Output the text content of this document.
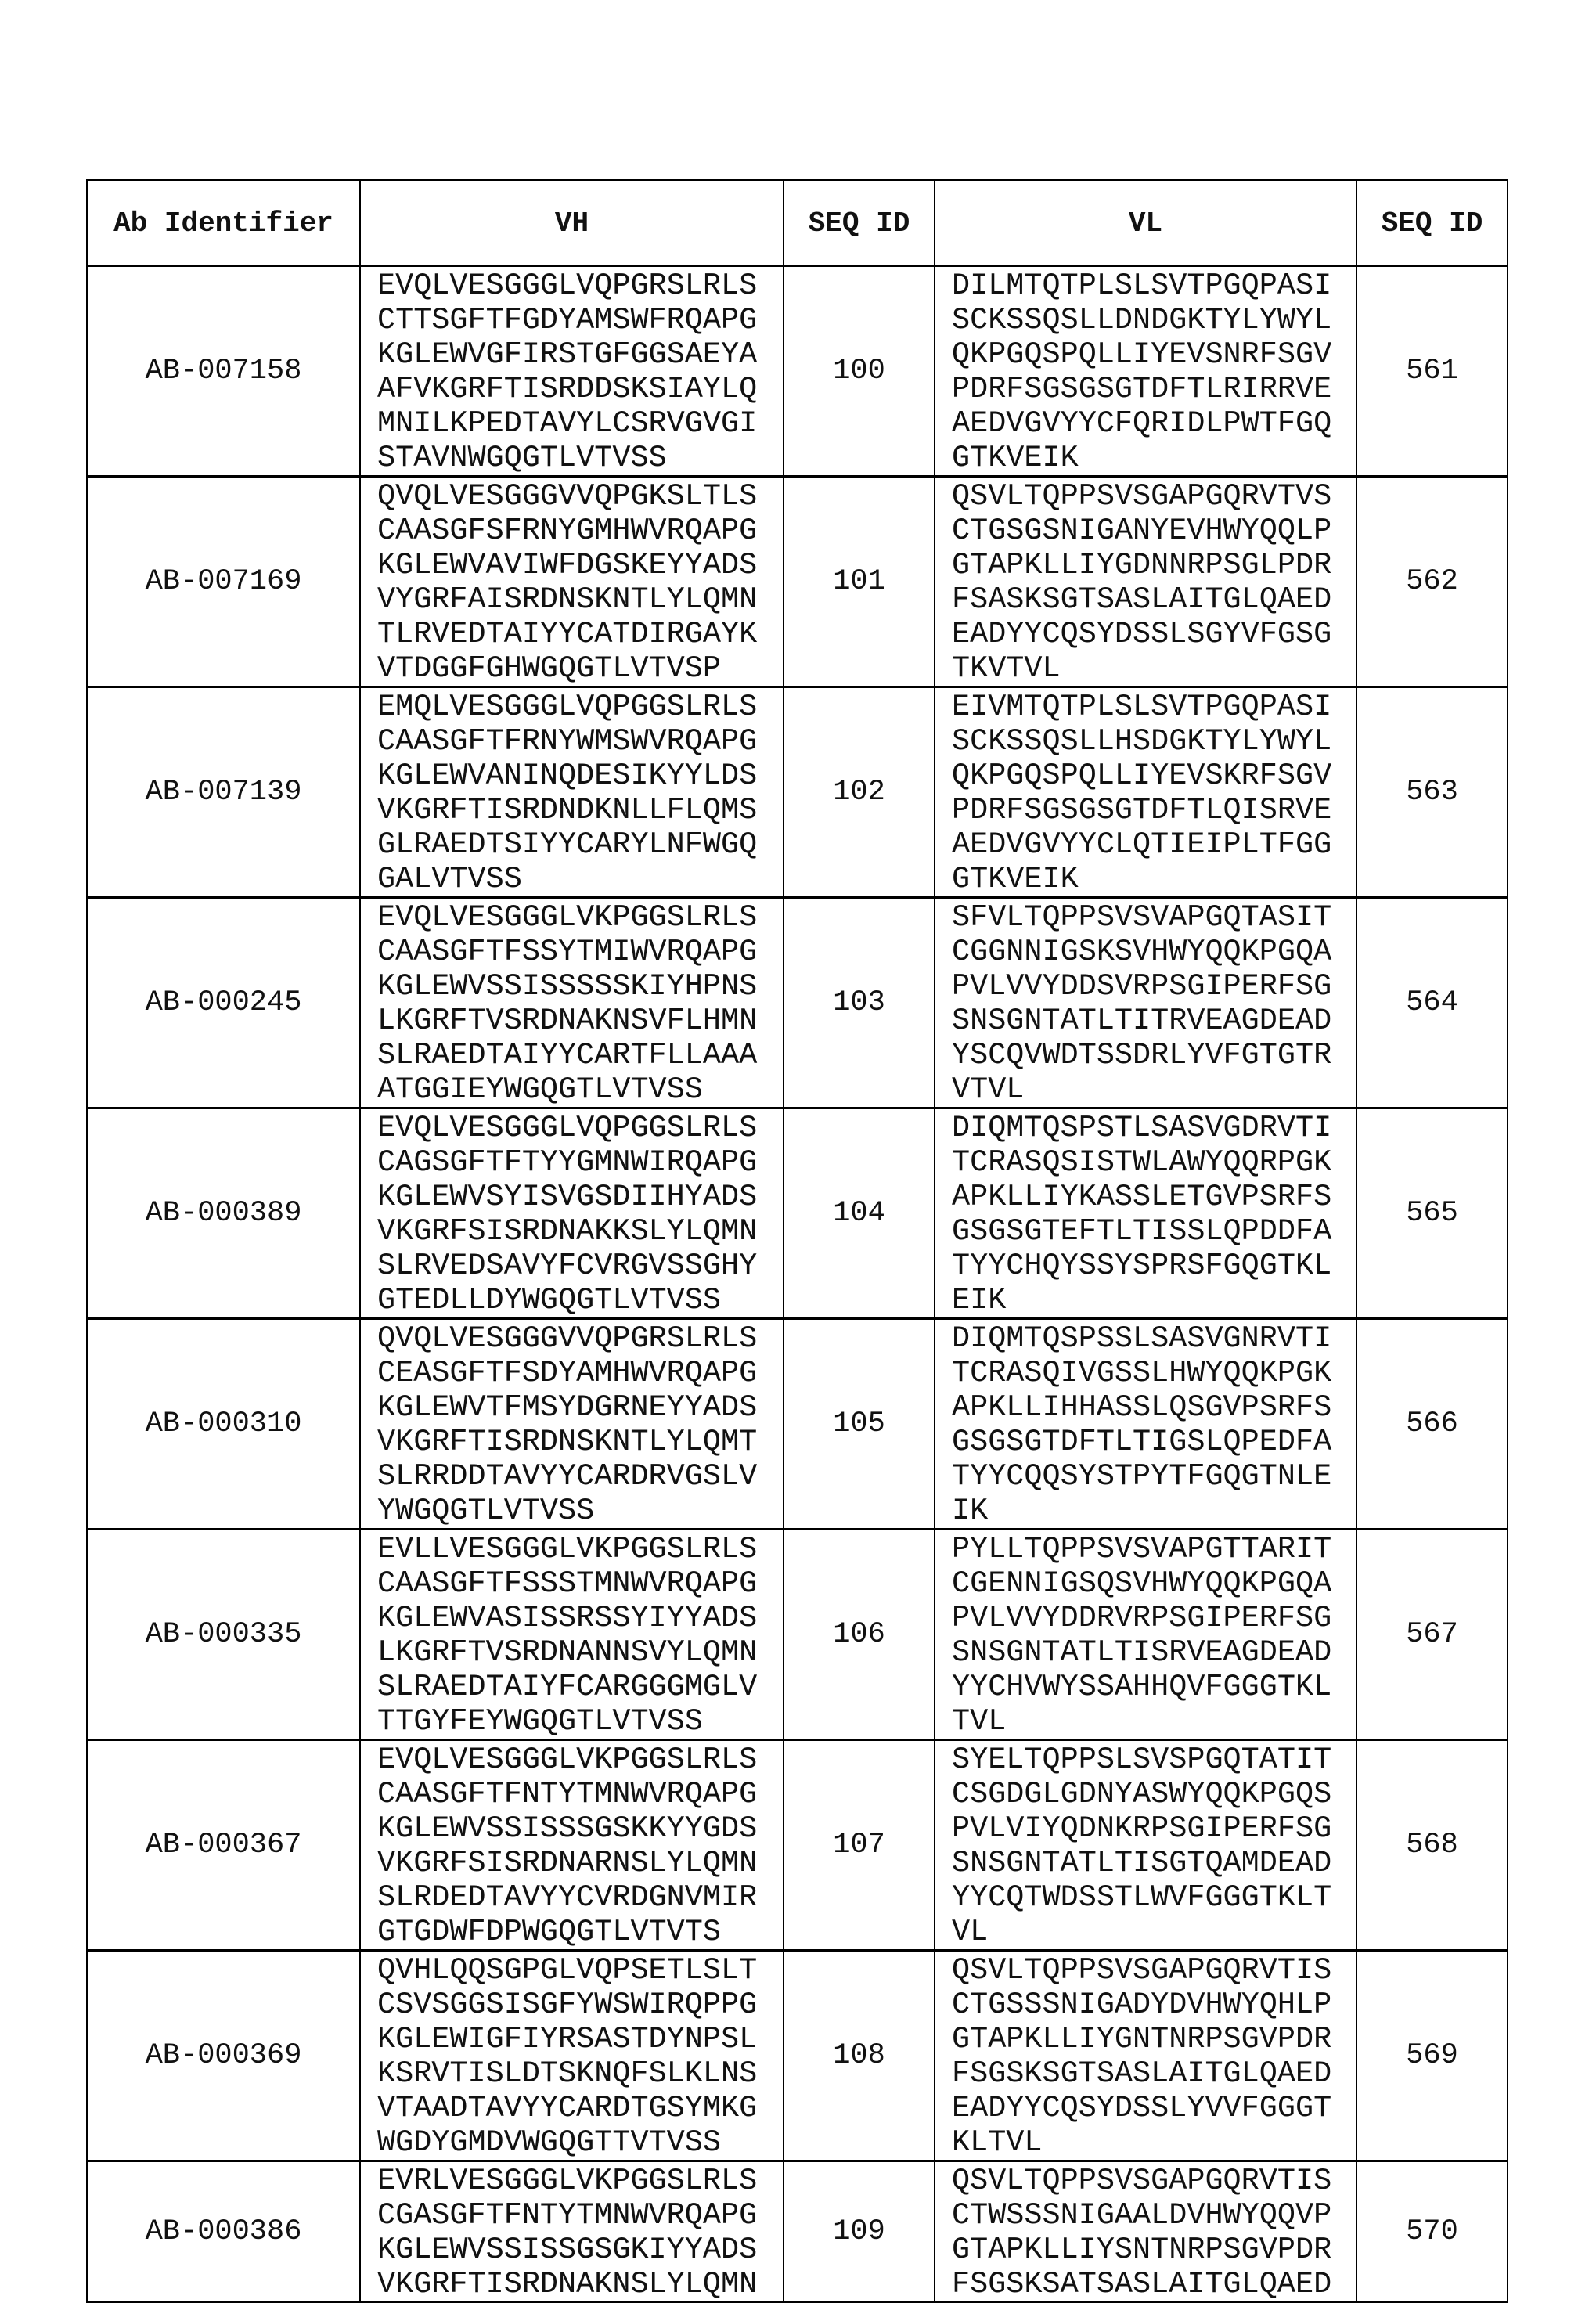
Ab Identifier	VH	SEQ ID	VL	SEQ ID
AB-007158	
EVQLVESGGGLVQPGRSLRLS
CTTSGFTFGDYAMSWFRQAPG
KGLEWVGFIRSTGFGGSAEYA
AFVKGRFTISRDDSKSIAYLQ
MNILKPEDTAVYLCSRVGVGI
STAVNWGQGTLVTVSS
	100	
DILMTQTPLSLSVTPGQPASI
SCKSSQSLLDNDGKTYLYWYL
QKPGQSPQLLIYEVSNRFSGV
PDRFSGSGSGTDFTLRIRRVE
AEDVGVYYCFQRIDLPWTFGQ
GTKVEIK
	561
AB-007169	
QVQLVESGGGVVQPGKSLTLS
CAASGFSFRNYGMHWVRQAPG
KGLEWVAVIWFDGSKEYYADS
VYGRFAISRDNSKNTLYLQMN
TLRVEDTAIYYCATDIRGAYK
VTDGGFGHWGQGTLVTVSP
	101	
QSVLTQPPSVSGAPGQRVTVS
CTGSGSNIGANYEVHWYQQLP
GTAPKLLIYGDNNRPSGLPDR
FSASKSGTSASLAITGLQAED
EADYYCQSYDSSLSGYVFGSG
TKVTVL
	562
AB-007139	
EMQLVESGGGLVQPGGSLRLS
CAASGFTFRNYWMSWVRQAPG
KGLEWVANINQDESIKYYLDS
VKGRFTISRDNDKNLLFLQMS
GLRAEDTSIYYCARYLNFWGQ
GALVTVSS
	102	
EIVMTQTPLSLSVTPGQPASI
SCKSSQSLLHSDGKTYLYWYL
QKPGQSPQLLIYEVSKRFSGV
PDRFSGSGSGTDFTLQISRVE
AEDVGVYYCLQTIEIPLTFGG
GTKVEIK
	563
AB-000245	
EVQLVESGGGLVKPGGSLRLS
CAASGFTFSSYTMIWVRQAPG
KGLEWVSSISSSSSKIYHPNS
LKGRFTVSRDNAKNSVFLHMN
SLRAEDTAIYYCARTFLLAAA
ATGGIEYWGQGTLVTVSS
	103	
SFVLTQPPSVSVAPGQTASIT
CGGNNIGSKSVHWYQQKPGQA
PVLVVYDDSVRPSGIPERFSG
SNSGNTATLTITRVEAGDEAD
YSCQVWDTSSDRLYVFGTGTR
VTVL
	564
AB-000389	
EVQLVESGGGLVQPGGSLRLS
CAGSGFTFTYYGMNWIRQAPG
KGLEWVSYISVGSDIIHYADS
VKGRFSISRDNAKKSLYLQMN
SLRVEDSAVYFCVRGVSSGHY
GTEDLLDYWGQGTLVTVSS
	104	
DIQMTQSPSTLSASVGDRVTI
TCRASQSISTWLAWYQQRPGK
APKLLIYKASSLETGVPSRFS
GSGSGTEFTLTISSLQPDDFA
TYYCHQYSSYSPRSFGQGTKL
EIK
	565
AB-000310	
QVQLVESGGGVVQPGRSLRLS
CEASGFTFSDYAMHWVRQAPG
KGLEWVTFMSYDGRNEYYADS
VKGRFTISRDNSKNTLYLQMT
SLRRDDTAVYYCARDRVGSLV
YWGQGTLVTVSS
	105	
DIQMTQSPSSLSASVGNRVTI
TCRASQIVGSSLHWYQQKPGK
APKLLIHHASSLQSGVPSRFS
GSGSGTDFTLTIGSLQPEDFA
TYYCQQSYSTPYTFGQGTNLE
IK
	566
AB-000335	
EVLLVESGGGLVKPGGSLRLS
CAASGFTFSSSTMNWVRQAPG
KGLEWVASISSRSSYIYYADS
LKGRFTVSRDNANNSVYLQMN
SLRAEDTAIYFCARGGGMGLV
TTGYFEYWGQGTLVTVSS
	106	
PYLLTQPPSVSVAPGTTARIT
CGENNIGSQSVHWYQQKPGQA
PVLVVYDDRVRPSGIPERFSG
SNSGNTATLTISRVEAGDEAD
YYCHVWYSSAHHQVFGGGTKL
TVL
	567
AB-000367	
EVQLVESGGGLVKPGGSLRLS
CAASGFTFNTYTMNWVRQAPG
KGLEWVSSISSSGSKKYYGDS
VKGRFSISRDNARNSLYLQMN
SLRDEDTAVYYCVRDGNVMIR
GTGDWFDPWGQGTLVTVTS
	107	
SYELTQPPSLSVSPGQTATIT
CSGDGLGDNYASWYQQKPGQS
PVLVIYQDNKRPSGIPERFSG
SNSGNTATLTISGTQAMDEAD
YYCQTWDSSTLWVFGGGTKLT
VL
	568
AB-000369	
QVHLQQSGPGLVQPSETLSLT
CSVSGGSISGFYWSWIRQPPG
KGLEWIGFIYRSASTDYNPSL
KSRVTISLDTSKNQFSLKLNS
VTAADTAVYYCARDTGSYMKG
WGDYGMDVWGQGTTVTVSS
	108	
QSVLTQPPSVSGAPGQRVTIS
CTGSSSNIGADYDVHWYQHLP
GTAPKLLIYGNTNRPSGVPDR
FSGSKSGTSASLAITGLQAED
EADYYCQSYDSSLYVVFGGGT
KLTVL
	569
AB-000386	
EVRLVESGGGLVKPGGSLRLS
CGASGFTFNTYTMNWVRQAPG
KGLEWVSSISSGSGKIYYADS
VKGRFTISRDNAKNSLYLQMN
	109	
QSVLTQPPSVSGAPGQRVTIS
CTWSSSNIGAALDVHWYQQVP
GTAPKLLIYSNTNRPSGVPDR
FSGSKSATSASLAITGLQAED
	570
